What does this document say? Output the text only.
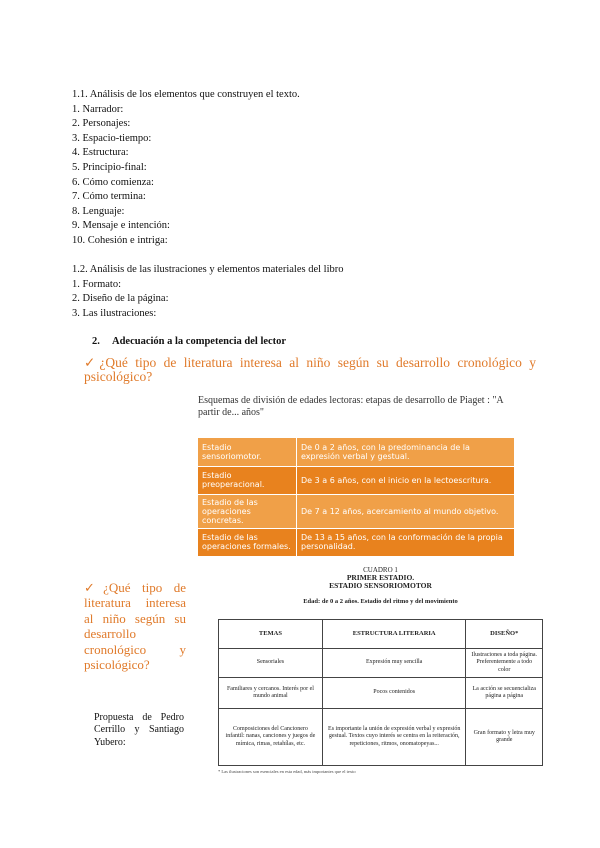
1.1. Análisis de los elementos que construyen el texto.
1. Narrador:
2. Personajes:
3. Espacio-tiempo:
4. Estructura:
5. Principio-final:
6. Cómo comienza:
7. Cómo termina:
8. Lenguaje:
9. Mensaje e intención:
10. Cohesión e intriga:
1.2. Análisis de las ilustraciones y elementos materiales del libro
1. Formato:
2. Diseño de la página:
3. Las ilustraciones:
2. Adecuación a la competencia del lector
✓¿Qué tipo de literatura interesa al niño según su desarrollo cronológico y psicológico?
Esquemas de división de edades lectoras: etapas de desarrollo de Piaget : "A partir de... años"
Estadio sensoriomotor.	De 0 a 2 años, con la predominancia de la expresión verbal y gestual.
Estadio preoperacional.	De 3 a 6 años, con el inicio en la lectoescritura.
Estadio de las operaciones concretas.	De 7 a 12 años, acercamiento al mundo objetivo.
Estadio de las operaciones formales.	De 13 a 15 años, con la conformación de la propia personalidad.
✓¿Qué tipo de literatura interesa al niño según su desarrollo cronológico y psicológico?
Propuesta de Pedro Cerrillo y Santiago Yubero:
CUADRO 1
PRIMER ESTADIO.
ESTADIO SENSORIOMOTOR
Edad: de 0 a 2 años. Estadio del ritmo y del movimiento
TEMAS	ESTRUCTURA LITERARIA	DISEÑO*
Sensoriales	Expresión muy sencilla	Ilustraciones a toda página. Preferentemente a todo color
Familiares y cercanos. Interés por el mundo animal	Pocos contenidos	La acción se secuencializa página a página
Composiciones del Cancionero infantil: nanas, canciones y juegos de mímica, rimas, retahílas, etc.	Es importante la unión de expresión verbal y expresión gestual. Textos cuyo interés se centra en la reiteración, repeticiones, ritmos, onomatopeyas...	Gran formato y letra muy grande
* Las ilustraciones son esenciales en esta edad, más importantes que el texto
